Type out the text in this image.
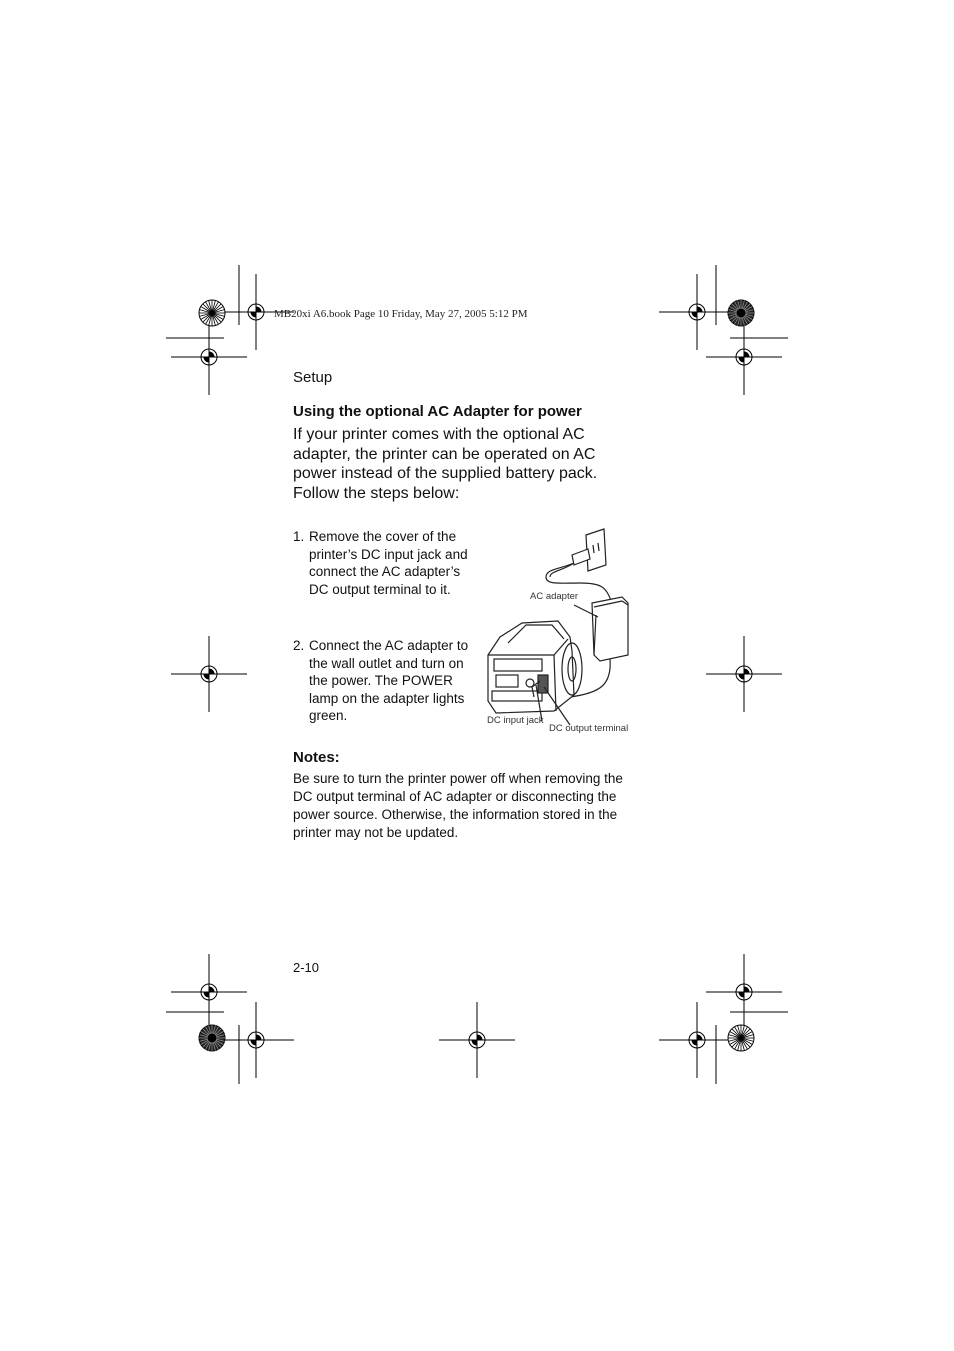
MB20xi A6.book Page 10 Friday, May 27, 2005 5:12 PM
Setup
Using the optional AC Adapter for power
If your printer comes with the optional AC adapter, the printer can be operated on AC power instead of the supplied battery pack. Follow the steps below:
1. Remove the cover of the printer’s DC input jack and connect the AC adapter’s DC output terminal to it.
2. Connect the AC adapter to the wall outlet and turn on the power. The POWER lamp on the adapter lights green.
AC adapter
DC input jack
DC output terminal
Notes:
Be sure to turn the printer power off when removing the DC output terminal of AC adapter or disconnecting the power source. Otherwise, the information stored in the printer may not be updated.
2-10
